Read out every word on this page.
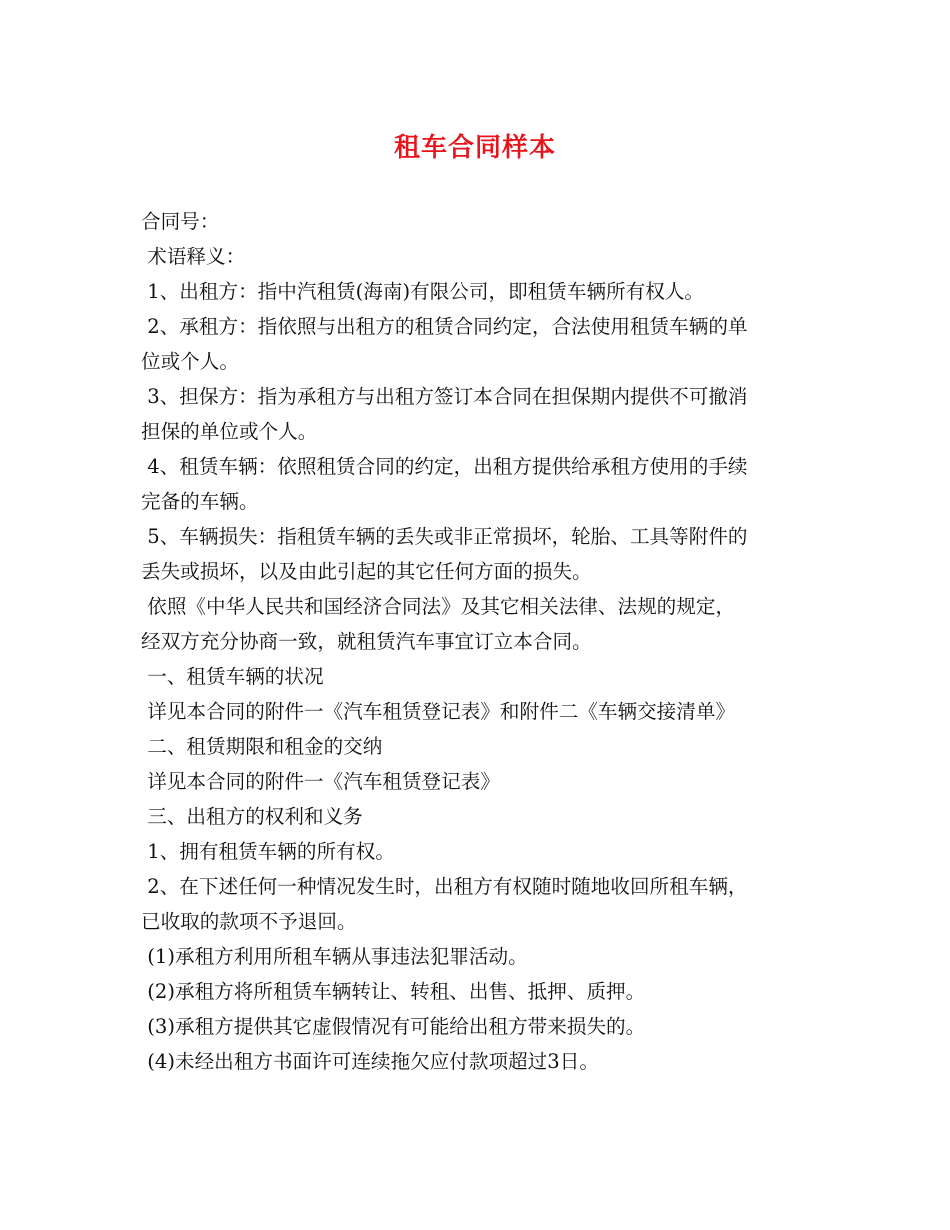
租车合同样本
合同号：
术语释义：
1、出租方：指中汽租赁(海南)有限公司，即租赁车辆所有权人。
2、承租方：指依照与出租方的租赁合同约定，合法使用租赁车辆的单
位或个人。
3、担保方：指为承租方与出租方签订本合同在担保期内提供不可撤消
担保的单位或个人。
4、租赁车辆：依照租赁合同的约定，出租方提供给承租方使用的手续
完备的车辆。
5、车辆损失：指租赁车辆的丢失或非正常损坏，轮胎、工具等附件的
丢失或损坏，以及由此引起的其它任何方面的损失。
依照《中华人民共和国经济合同法》及其它相关法律、法规的规定，
经双方充分协商一致，就租赁汽车事宜订立本合同。
一、租赁车辆的状况
详见本合同的附件一《汽车租赁登记表》和附件二《车辆交接清单》
二、租赁期限和租金的交纳
详见本合同的附件一《汽车租赁登记表》
三、出租方的权利和义务
1、拥有租赁车辆的所有权。
2、在下述任何一种情况发生时，出租方有权随时随地收回所租车辆，
已收取的款项不予退回。
(1)承租方利用所租车辆从事违法犯罪活动。
(2)承租方将所租赁车辆转让、转租、出售、抵押、质押。
(3)承租方提供其它虚假情况有可能给出租方带来损失的。
(4)未经出租方书面许可连续拖欠应付款项超过3日。
